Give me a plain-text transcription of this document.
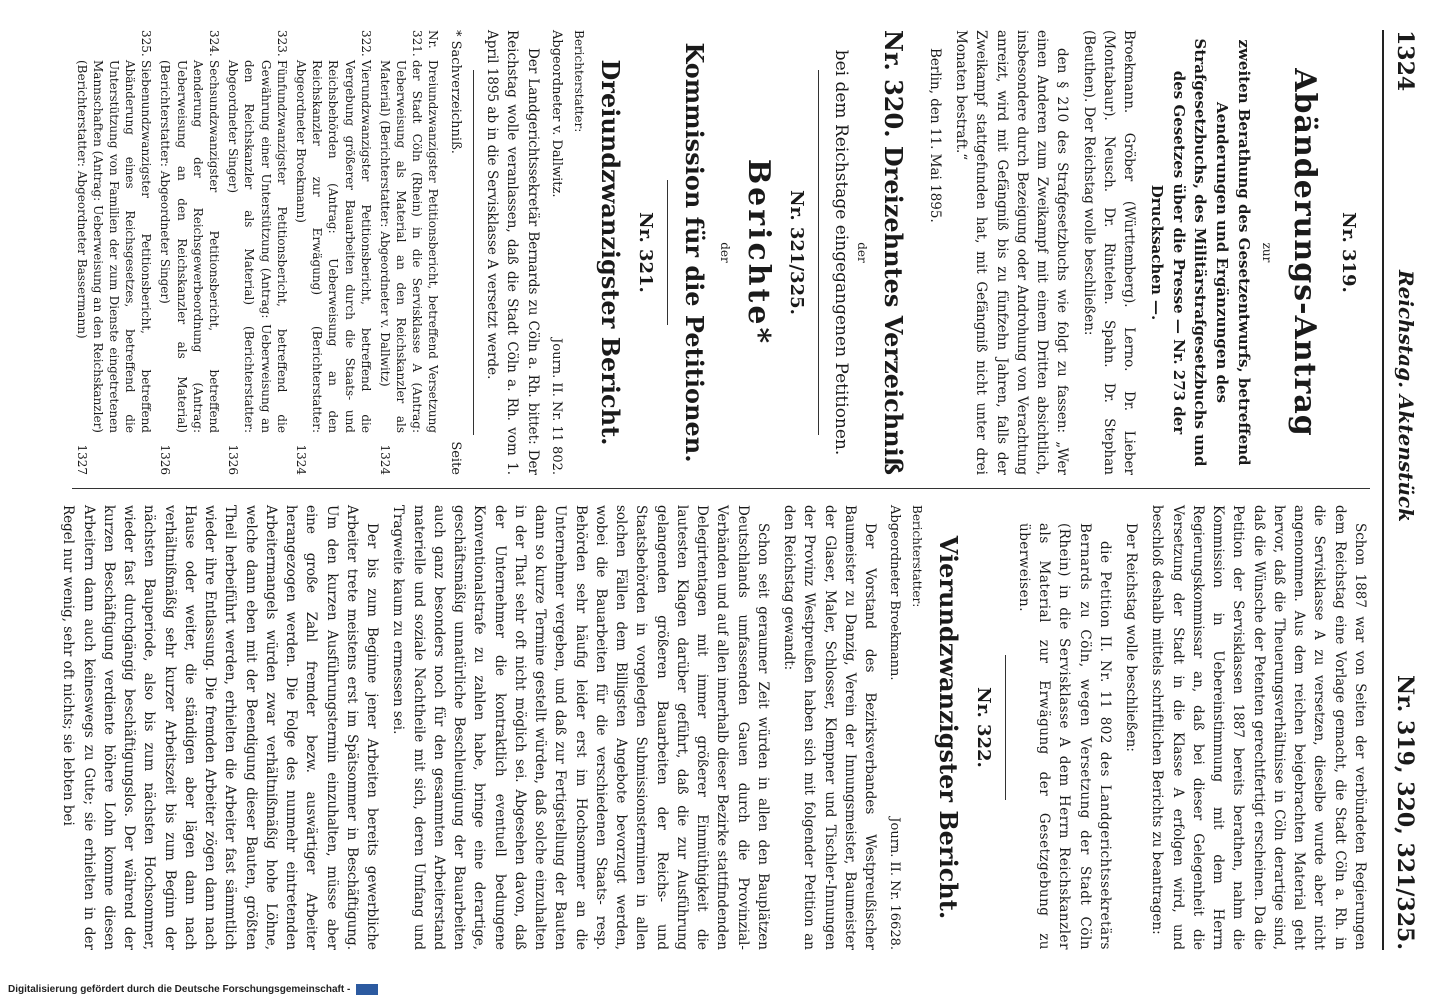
1324
Reichstag. Aktenstück
Nr. 319, 320, 321/325.
Nr. 319.
Abänderungs-Antrag
zur
zweiten Berathung des Gesetzentwurfs, betreffend Aenderungen und Ergänzungen des Strafgesetzbuchs, des Militärstrafgesetzbuchs und des Gesetzes über die Presse — Nr. 273 der Drucksachen —.

Broekmann. Gröber (Württemberg). Lerno. Dr. Lieber (Montabaur). Neusch. Dr. Rintelen. Spahn. Dr. Stephan (Beuthen). Der Reichstag wolle beschließen:

den § 210 des Strafgesetzbuchs wie folgt zu fassen: „Wer einen Anderen zum Zweikampf mit einem Dritten absichtlich, insbesondere durch Bezeigung oder Androhung von Verachtung anreizt, wird mit Gefängniß bis zu fünfzehn Jahren, falls der Zweikampf stattgefunden hat, mit Gefängniß nicht unter drei Monaten bestraft.“

Berlin, den 11. Mai 1895.

Nr. 320. Dreizehntes Verzeichniß
der
bei dem Reichstage eingegangenen Petitionen.
Nr. 321/325.
Berichte*
der
Kommission für die Petitionen.
Nr. 321.
Dreiundzwanzigster Bericht.
Berichterstatter:
Abgeordneter v. Dallwitz.
Journ. II. Nr. 11 802.

Der Landgerichtssekretär Bernards zu Cöln a. Rh. bittet: Der Reichstag wolle veranlassen, daß die Stadt Cöln a. Rh. vom 1. April 1895 ab in die Servisklasse A versetzt werde.

* Sachverzeichniß.
Seite
Nr. 321.
Dreiundzwanzigster Petitionsbericht, betreffend Versetzung der Stadt Cöln (Rhein) in die Servisklasse A (Antrag: Ueberweisung als Material an den Reichskanzler als Material) (Berichterstatter: Abgeordneter v. Dallwitz)
1324
322.
Vierundzwanzigster Petitionsbericht, betreffend die Vergebung größerer Bauarbeiten durch die Staats- und Reichsbehörden (Antrag: Ueberweisung an den Reichskanzler zur Erwägung) (Berichterstatter: Abgeordneter Broekmann)
1324
323.
Fünfundzwanzigster Petitionsbericht, betreffend die Gewährung einer Unterstützung (Antrag: Ueberweisung an den Reichskanzler als Material) (Berichterstatter: Abgeordneter Singer)
1326
324.
Sechsundzwanzigster Petitionsbericht, betreffend Aenderung der Reichsgewerbeordnung (Antrag: Ueberweisung an den Reichskanzler als Material) (Berichterstatter: Abgeordneter Singer)
1326
325.
Siebenundzwanzigster Petitionsbericht, betreffend Abänderung eines Reichsgesetzes, betreffend die Unterstützung von Familien der zum Dienste eingetretenen Mannschaften (Antrag: Ueberweisung an den Reichskanzler) (Berichterstatter: Abgeordneter Bassermann)
1327

Schon 1887 war von Seiten der verbündeten Regierungen dem Reichstag eine Vorlage gemacht, die Stadt Cöln a. Rh. in die Servisklasse A zu versetzen, dieselbe wurde aber nicht angenommen. Aus dem reichen beigebrachten Material geht hervor, daß die Theuerungsverhältnisse in Cöln derartige sind, daß die Wünsche der Petenten gerechtfertigt erscheinen. Da die Petition der Servisklassen 1887 bereits berathen, nahm die Kommission in Uebereinstimmung mit dem Herrn Regierungskommissar an, daß bei dieser Gelegenheit die Versetzung der Stadt in die Klasse A erfolgen wird, und beschloß deshalb mittels schriftlichen Berichts zu beantragen:

Der Reichstag wolle beschließen:

die Petition II. Nr. 11 802 des Landgerichtssekretärs Bernards zu Cöln, wegen Versetzung der Stadt Cöln (Rhein) in die Servisklasse A dem Herrn Reichskanzler als Material zur Erwägung der Gesetzgebung zu überweisen.

Nr. 322.
Vierundzwanzigster Bericht.
Berichterstatter:
Abgeordneter Broekmann.
Journ. II. Nr. 16628.

Der Vorstand des Bezirksverbandes Westpreußischer Baumeister zu Danzig, Verein der Innungsmeister, Baumeister der Glaser, Maler, Schlosser, Klempner und Tischler-Innungen der Provinz Westpreußen haben sich mit folgender Petition an den Reichstag gewandt:

Schon seit geraumer Zeit würden in allen den Bauplätzen Deutschlands umfassenden Gauen durch die Provinzial-Verbänden und auf allen innerhalb dieser Bezirke stattfindenden Delegirtentagen mit immer größerer Einmüthigkeit die lautesten Klagen darüber geführt, daß die zur Ausführung gelangenden größeren Bauarbeiten der Reichs- und Staatsbehörden in vorgelegten Submissionsterminen in allen solchen Fällen dem Billigsten Angebote bevorzugt werden, wobei die Bauarbeiten für die verschiedenen Staats- resp. Behörden sehr häufig leider erst im Hochsommer an die Unternehmer vergeben, und daß zur Fertigstellung der Bauten dann so kurze Termine gestellt würden, daß solche einzuhalten in der That sehr oft nicht möglich sei. Abgesehen davon, daß der Unternehmer die kontraktlich eventuell bedungene Konventionalstrafe zu zahlen habe, bringe eine derartige, geschäftsmäßig unnatürliche Beschleunigung der Bauarbeiten auch ganz besonders noch für den gesammten Arbeiterstand materielle und soziale Nachtheile mit sich, deren Umfang und Tragweite kaum zu ermessen sei.

Der bis zum Beginne jener Arbeiten bereits gewerbliche Arbeiter trete meistens erst im Spätsommer in Beschäftigung. Um den kurzen Ausführungstermin einzuhalten, müsse aber eine große Zahl fremder bezw. auswärtiger Arbeiter herangezogen werden. Die Folge des nunmehr eintretenden Arbeitermangels würden zwar verhältnißmäßig hohe Löhne, welche dann eben mit der Beendigung dieser Bauten, größten Theil herbeiführt werden, erhielten die Arbeiter fast sämmtlich wieder ihre Entlassung. Die fremden Arbeiter zögen dann nach Hause oder weiter, die ständigen aber lägen dann nach verhältnißmäßig sehr kurzer Arbeitszeit bis zum Beginn der nächsten Bauperiode, also bis zum nächsten Hochsommer, wieder fast durchgängig beschäftigungslos. Der während der kurzen Beschäftigung verdiente höhere Lohn komme diesen Arbeitern dann auch keineswegs zu Gute; sie erhielten in der Regel nur wenig, sehr oft nichts; sie lebten bei

Digitalisierung gefördert durch die Deutsche Forschungsgemeinschaft -
